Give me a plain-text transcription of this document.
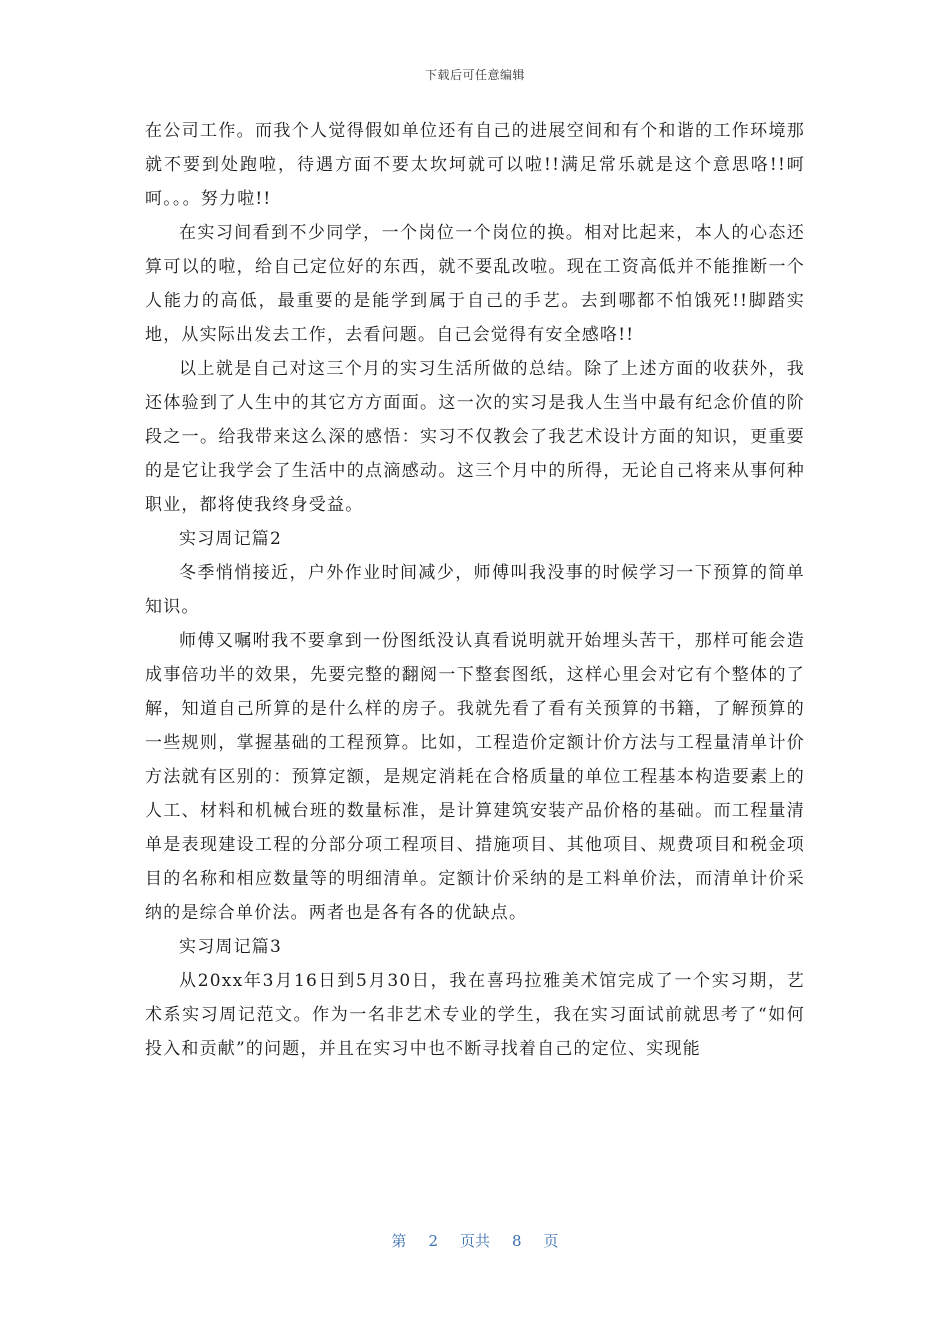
下载后可任意编辑

在公司工作。而我个人觉得假如单位还有自己的进展空间和有个和谐的工作环境那就不要到处跑啦，待遇方面不要太坎坷就可以啦!!满足常乐就是这个意思咯!!呵呵。。。努力啦!!

在实习间看到不少同学，一个岗位一个岗位的换。相对比起来，本人的心态还算可以的啦，给自己定位好的东西，就不要乱改啦。现在工资高低并不能推断一个人能力的高低，最重要的是能学到属于自己的手艺。去到哪都不怕饿死!!脚踏实地，从实际出发去工作，去看问题。自己会觉得有安全感咯!!

以上就是自己对这三个月的实习生活所做的总结。除了上述方面的收获外，我还体验到了人生中的其它方方面面。这一次的实习是我人生当中最有纪念价值的阶段之一。给我带来这么深的感悟：实习不仅教会了我艺术设计方面的知识，更重要的是它让我学会了生活中的点滴感动。这三个月中的所得，无论自己将来从事何种职业，都将使我终身受益。

实习周记篇2

冬季悄悄接近，户外作业时间减少，师傅叫我没事的时候学习一下预算的简单知识。

师傅又嘱咐我不要拿到一份图纸没认真看说明就开始埋头苦干，那样可能会造成事倍功半的效果，先要完整的翻阅一下整套图纸，这样心里会对它有个整体的了解，知道自己所算的是什么样的房子。我就先看了看有关预算的书籍，了解预算的一些规则，掌握基础的工程预算。比如，工程造价定额计价方法与工程量清单计价方法就有区别的：预算定额，是规定消耗在合格质量的单位工程基本构造要素上的人工、材料和机械台班的数量标准，是计算建筑安装产品价格的基础。而工程量清单是表现建设工程的分部分项工程项目、措施项目、其他项目、规费项目和税金项目的名称和相应数量等的明细清单。定额计价采纳的是工料单价法，而清单计价采纳的是综合单价法。两者也是各有各的优缺点。

实习周记篇3

从20xx年3月16日到5月30日，我在喜玛拉雅美术馆完成了一个实习期，艺术系实习周记范文。作为一名非艺术专业的学生，我在实习面试前就思考了“如何投入和贡献”的问题，并且在实习中也不断寻找着自己的定位、实现能

第 2 页共 8 页
